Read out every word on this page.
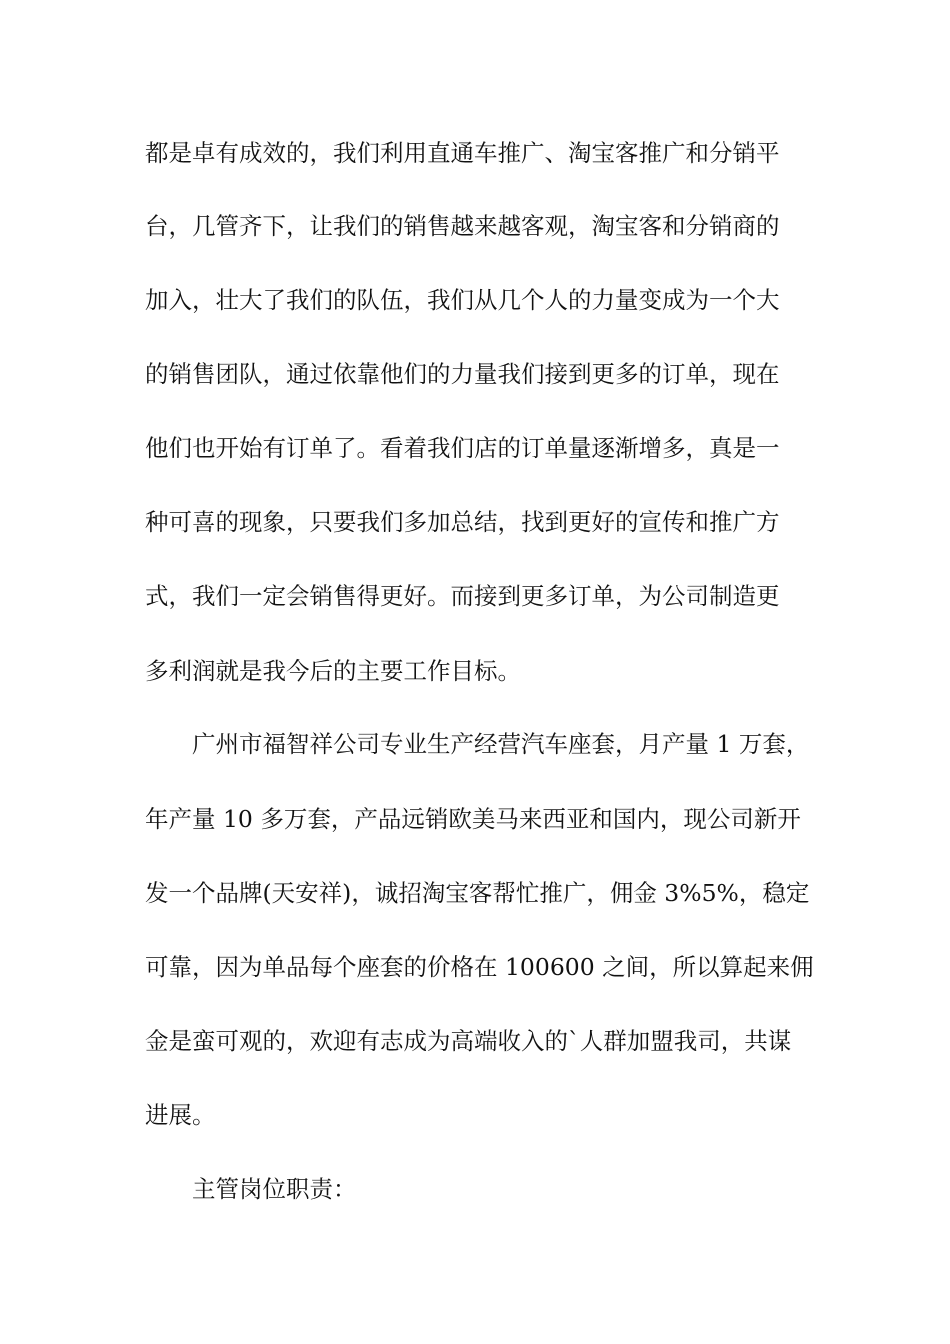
都是卓有成效的，我们利用直通车推广、淘宝客推广和分销平
台，几管齐下，让我们的销售越来越客观，淘宝客和分销商的
加入，壮大了我们的队伍，我们从几个人的力量变成为一个大
的销售团队，通过依靠他们的力量我们接到更多的订单，现在
他们也开始有订单了。看着我们店的订单量逐渐增多，真是一
种可喜的现象，只要我们多加总结，找到更好的宣传和推广方
式，我们一定会销售得更好。而接到更多订单，为公司制造更
多利润就是我今后的主要工作目标。
广州市福智祥公司专业生产经营汽车座套，月产量 1 万套，
年产量 10 多万套，产品远销欧美马来西亚和国内，现公司新开
发一个品牌(天安祥)，诚招淘宝客帮忙推广，佣金 3%5%，稳定
可靠，因为单品每个座套的价格在 100600 之间，所以算起来佣
金是蛮可观的，欢迎有志成为高端收入的`人群加盟我司，共谋
进展。
主管岗位职责：
